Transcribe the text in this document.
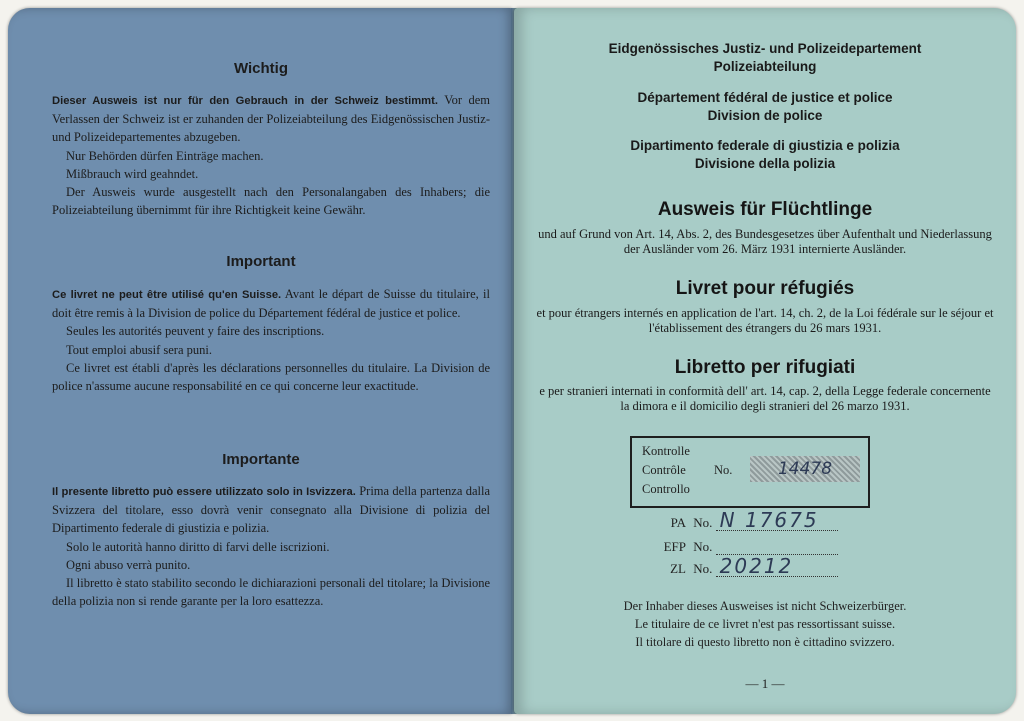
Wichtig

Dieser Ausweis ist nur für den Gebrauch in der Schweiz bestimmt. Vor dem Verlassen der Schweiz ist er zuhanden der Polizeiabteilung des Eidgenössischen Justiz- und Polizeidepartementes abzugeben.

Nur Behörden dürfen Einträge machen.

Mißbrauch wird geahndet.

Der Ausweis wurde ausgestellt nach den Personalangaben des Inhabers; die Polizeiabteilung übernimmt für ihre Richtigkeit keine Gewähr.

Important

Ce livret ne peut être utilisé qu'en Suisse. Avant le départ de Suisse du titulaire, il doit être remis à la Division de police du Département fédéral de justice et police.

Seules les autorités peuvent y faire des inscriptions.

Tout emploi abusif sera puni.

Ce livret est établi d'après les déclarations personnelles du titulaire. La Division de police n'assume aucune responsabilité en ce qui concerne leur exactitude.

Importante

Il presente libretto può essere utilizzato solo in Isvizzera. Prima della partenza dalla Svizzera del titolare, esso dovrà venir consegnato alla Divisione di polizia del Dipartimento federale di giustizia e polizia.

Solo le autorità hanno diritto di farvi delle iscrizioni.

Ogni abuso verrà punito.

Il libretto è stato stabilito secondo le dichiarazioni personali del titolare; la Divisione della polizia non si rende garante per la loro esattezza.

Eidgenössisches Justiz- und Polizeidepartement
Polizeiabteilung
Département fédéral de justice et police
Division de police
Dipartimento federale di giustizia e polizia
Divisione della polizia
Ausweis für Flüchtlinge
und auf Grund von Art. 14, Abs. 2, des Bundesgesetzes über Aufenthalt und Niederlassung der Ausländer vom 26. März 1931 internierte Ausländer.
Livret pour réfugiés
et pour étrangers internés en application de l'art. 14, ch. 2, de la Loi fédérale sur le séjour et l'établissement des étrangers du 26 mars 1931.
Libretto per rifugiati
e per stranieri internati in conformità dell' art. 14, cap. 2, della Legge federale concernente la dimora e il domicilio degli stranieri del 26 marzo 1931.
Der Inhaber dieses Ausweises ist nicht Schweizerbürger.
Le titulaire de ce livret n'est pas ressortissant suisse.
Il titolare di questo libretto non è cittadino svizzero.
— 1 —
Kontrolle
Contrôle
Controllo
No.	14478
PA No. N 17675
EFP No.
ZL No. 20212
